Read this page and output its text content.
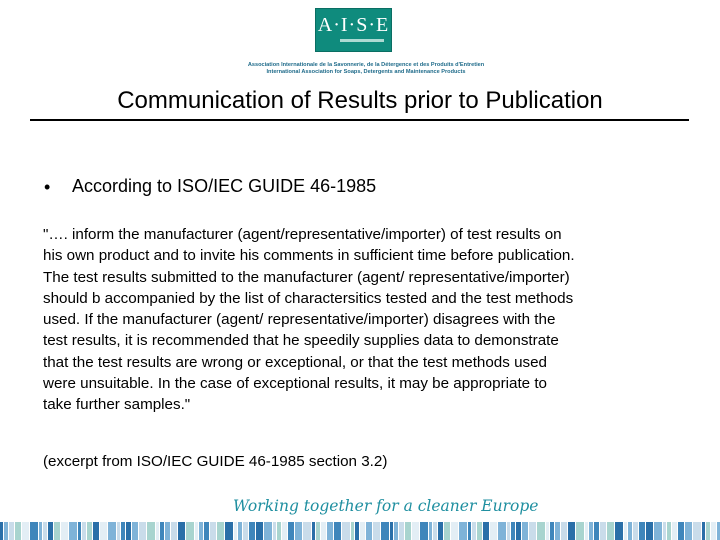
A·I·S·E
Association Internationale de la Savonnerie, de la Détergence et des Produits d'Entretien
International Association for Soaps, Detergents and Maintenance Products
Communication of Results prior to Publication
• According to ISO/IEC GUIDE 46-1985
"…. inform the manufacturer (agent/representative/importer) of test results on
his own product and to invite his comments in sufficient time before publication.
The test results submitted to the manufacturer (agent/ representative/importer)
should b accompanied by the list of charactersitics tested and the test methods
used. If the manufacturer (agent/ representative/importer) disagrees with the
test results, it is recommended that he speedily supplies data to demonstrate
that the test results are wrong or exceptional, or that the test methods used
were unsuitable. In the case of exceptional results, it may be appropriate to
take further samples."
(excerpt from ISO/IEC GUIDE 46-1985 section 3.2)
Working together for a cleaner Europe
